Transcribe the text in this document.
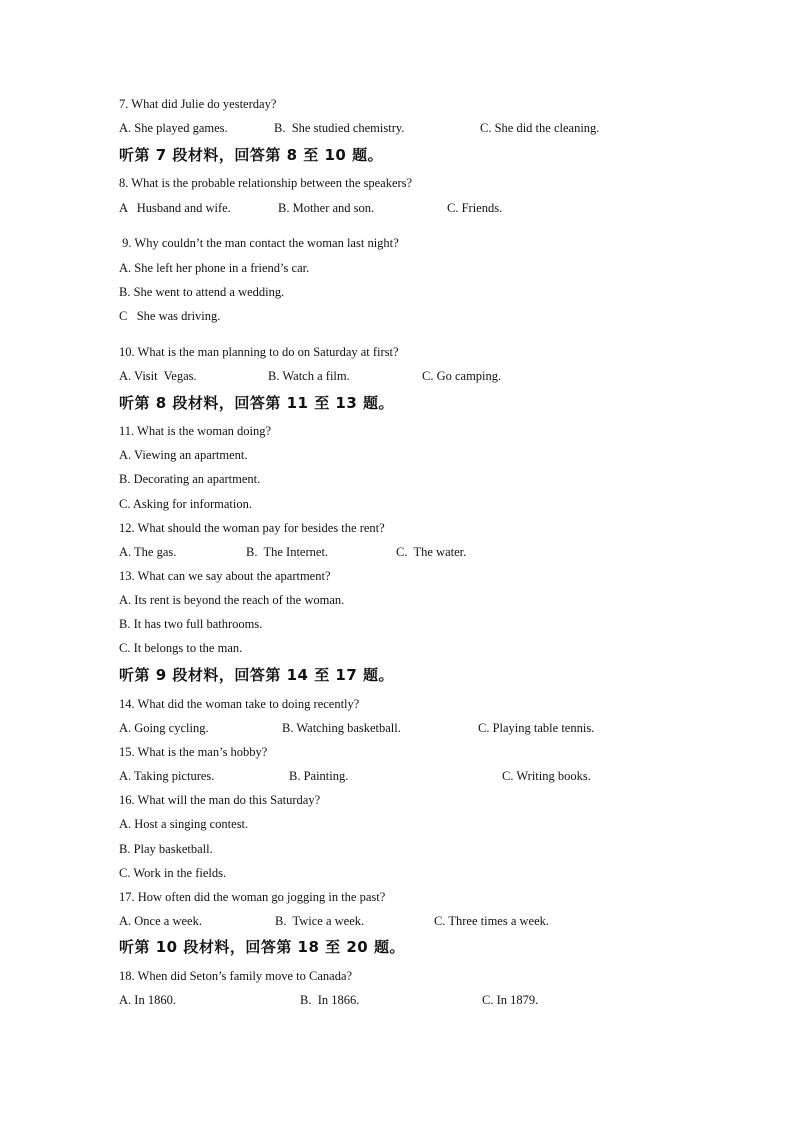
7. What did Julie do yesterday?
A. She played games.	B.  She studied chemistry.	C. She did the cleaning.
听第 7 段材料，回答第 8 至 10 题。
8. What is the probable relationship between the speakers?
A   Husband and wife.	B. Mother and son.	C. Friends.
9. Why couldn’t the man contact the woman last night?
A. She left her phone in a friend’s car.
B. She went to attend a wedding.
C   She was driving.
10. What is the man planning to do on Saturday at first?
A. Visit  Vegas.	B. Watch a film.	C. Go camping.
听第 8 段材料，回答第 11 至 13 题。
11. What is the woman doing?
A. Viewing an apartment.
B. Decorating an apartment.
C. Asking for information.
12. What should the woman pay for besides the rent?
A. The gas.	B.  The Internet.	C.  The water.
13. What can we say about the apartment?
A. Its rent is beyond the reach of the woman.
B. It has two full bathrooms.
C. It belongs to the man.
听第 9 段材料，回答第 14 至 17 题。
14. What did the woman take to doing recently?
A. Going cycling.	B. Watching basketball.	C. Playing table tennis.
15. What is the man’s hobby?
A. Taking pictures.	B. Painting.	C. Writing books.
16. What will the man do this Saturday?
A. Host a singing contest.
B. Play basketball.
C. Work in the fields.
17. How often did the woman go jogging in the past?
A. Once a week.	B.  Twice a week.	C. Three times a week.
听第 10 段材料，回答第 18 至 20 题。
18. When did Seton’s family move to Canada?
A. In 1860.	B.  In 1866.	C. In 1879.
